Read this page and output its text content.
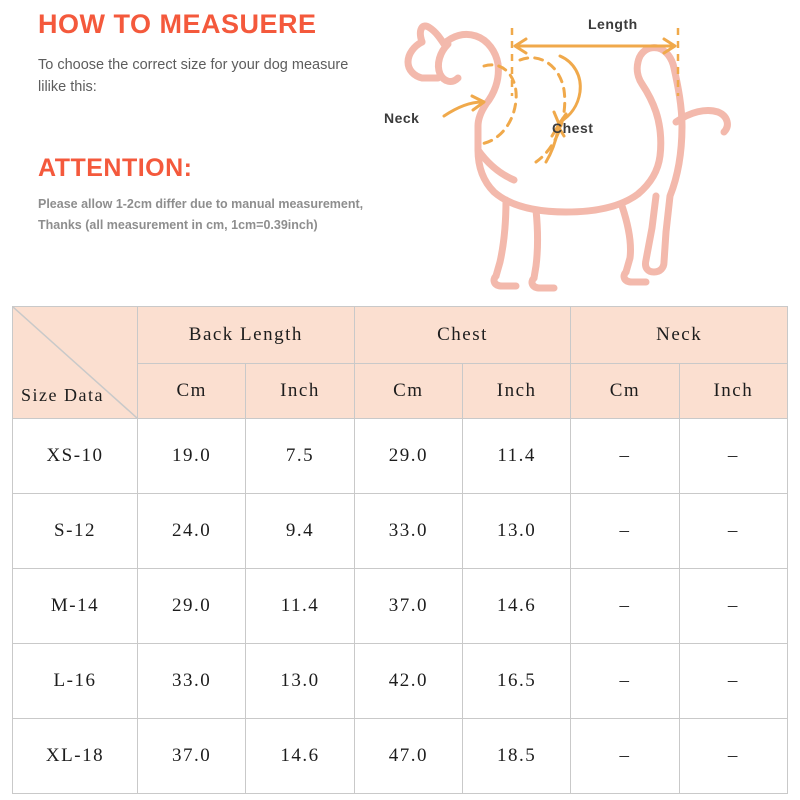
HOW TO MEASUERE

To choose the correct size for your dog measure lilike this:

ATTENTION:

Please allow 1-2cm differ due to manual measurement,

Thanks (all measurement in cm, 1cm=0.39inch)

Length
Neck
Chest
Size Data	Back Length		Chest		Neck	
	Cm	Inch	Cm	Inch	Cm	Inch
XS-10	19.0	7.5	29.0	11.4	–	–
S-12	24.0	9.4	33.0	13.0	–	–
M-14	29.0	11.4	37.0	14.6	–	–
L-16	33.0	13.0	42.0	16.5	–	–
XL-18	37.0	14.6	47.0	18.5	–	–
